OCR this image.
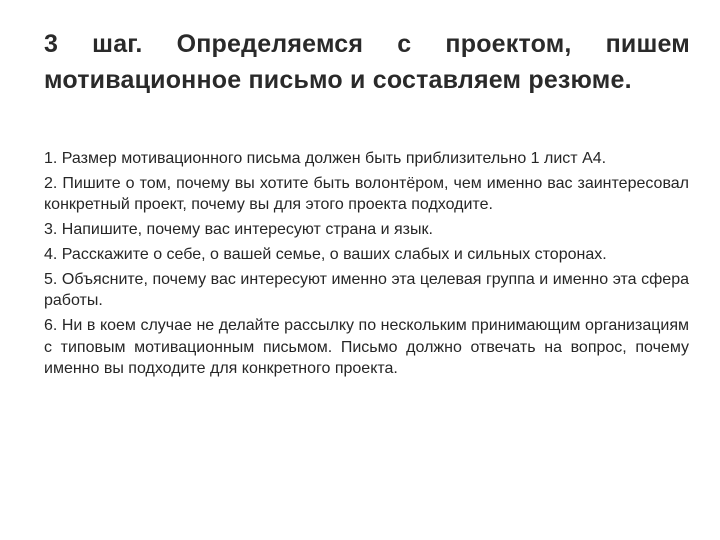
3 шаг. Определяемся с проектом, пишем мотивационное письмо и составляем резюме.
1. Размер мотивационного письма должен быть приблизительно 1 лист А4.
2. Пишите о том, почему вы хотите быть волонтёром, чем именно вас заинтересовал конкретный проект, почему вы для этого проекта подходите.
3. Напишите, почему вас интересуют страна и язык.
4. Расскажите о себе, о вашей семье, о ваших слабых и сильных сторонах.
5. Объясните, почему вас интересуют именно эта целевая группа и именно эта сфера работы.
6. Ни в коем случае не делайте рассылку по нескольким принимающим организациям с типовым мотивационным письмом. Письмо должно отвечать на вопрос, почему именно вы подходите для конкретного проекта.
